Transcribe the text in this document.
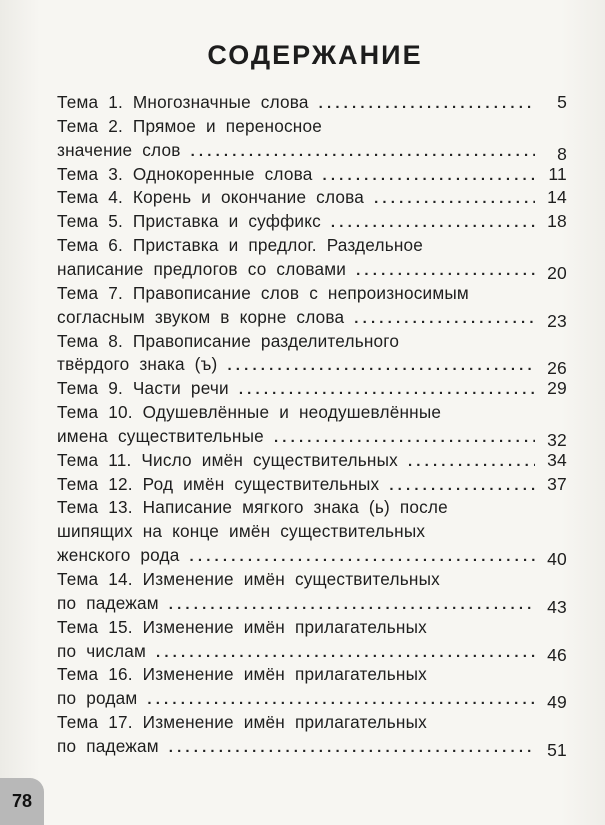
СОДЕРЖАНИЕ
Тема  1.  Многозначные  слова . . .	5
Тема  2.  Прямое  и  переносное
значение  слов . . .	8
Тема  3.  Однокоренные  слова . . .	11
Тема  4.  Корень  и  окончание  слова . . .	14
Тема  5.  Приставка  и  суффикс . . .	18
Тема  6.  Приставка  и  предлог.  Раздельное
написание  предлогов  со  словами . . .	20
Тема  7.  Правописание  слов  с  непроизносимым
согласным  звуком  в  корне  слова . . .	23
Тема  8.  Правописание  разделительного
твёрдого  знака  (ъ) . . .	26
Тема  9.  Части  речи . . .	29
Тема  10.  Одушевлённые  и  неодушевлённые
имена  существительные . . .	32
Тема  11.  Число  имён  существительных . . .	34
Тема  12.  Род  имён  существительных . . .	37
Тема  13.  Написание  мягкого  знака  (ь)  после
шипящих  на  конце  имён  существительных
женского  рода . . .	40
Тема  14.  Изменение  имён  существительных
по  падежам . . .	43
Тема  15.  Изменение  имён  прилагательных
по  числам . . .	46
Тема  16.  Изменение  имён  прилагательных
по  родам . . .	49
Тема  17.  Изменение  имён  прилагательных
по  падежам . . .	51
78
